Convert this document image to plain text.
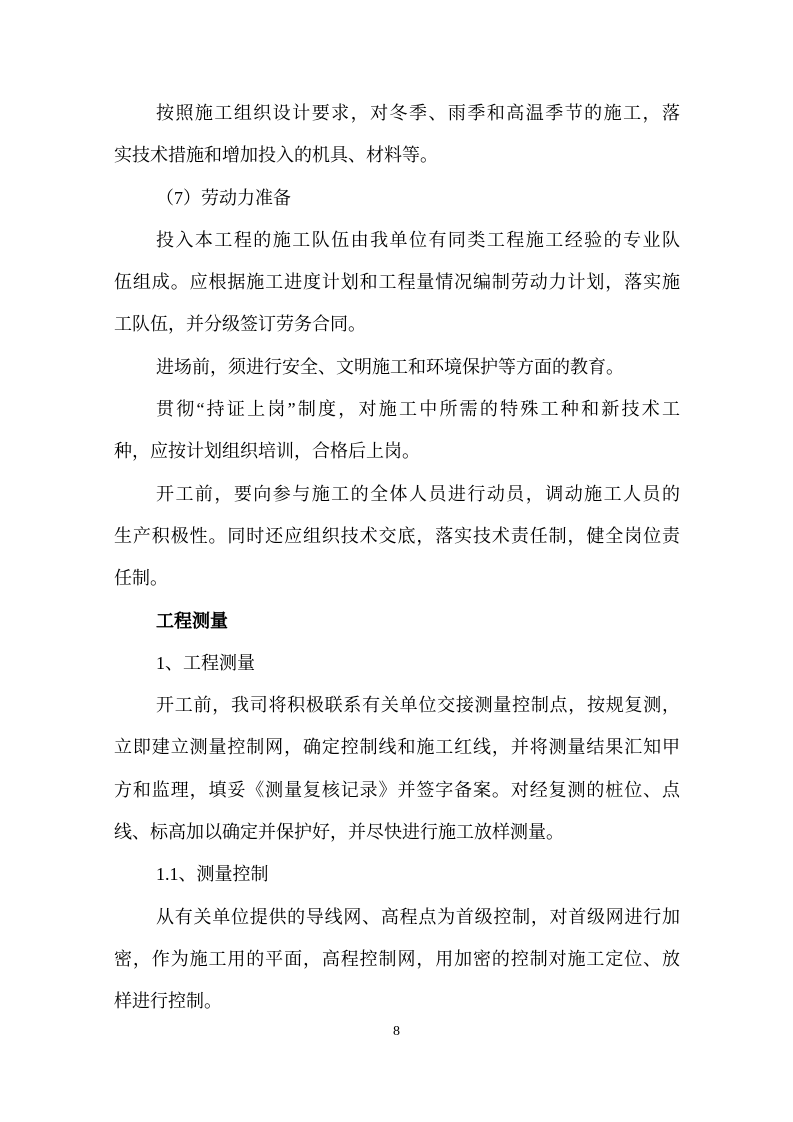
按照施工组织设计要求，对冬季、雨季和高温季节的施工，落
实技术措施和增加投入的机具、材料等。
（7）劳动力准备
投入本工程的施工队伍由我单位有同类工程施工经验的专业队
伍组成。应根据施工进度计划和工程量情况编制劳动力计划，落实施
工队伍，并分级签订劳务合同。
进场前，须进行安全、文明施工和环境保护等方面的教育。
贯彻“持证上岗”制度，对施工中所需的特殊工种和新技术工
种，应按计划组织培训，合格后上岗。
开工前，要向参与施工的全体人员进行动员，调动施工人员的
生产积极性。同时还应组织技术交底，落实技术责任制，健全岗位责
任制。
工程测量
1、工程测量
开工前，我司将积极联系有关单位交接测量控制点，按规复测，
立即建立测量控制网，确定控制线和施工红线，并将测量结果汇知甲
方和监理，填妥《测量复核记录》并签字备案。对经复测的桩位、点
线、标高加以确定并保护好，并尽快进行施工放样测量。
1.1、测量控制
从有关单位提供的导线网、高程点为首级控制，对首级网进行加
密，作为施工用的平面，高程控制网，用加密的控制对施工定位、放
样进行控制。
8
